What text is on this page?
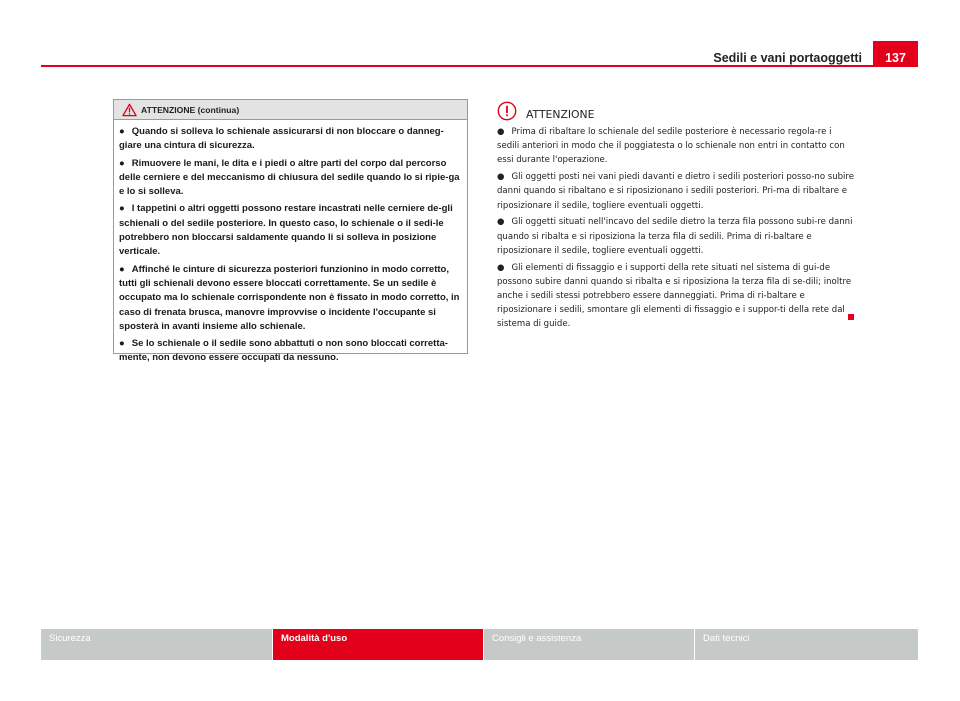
Sedili e vani portaoggetti	137
ATTENZIONE (continua)
● Quando si solleva lo schienale assicurarsi di non bloccare o danneg-giare una cintura di sicurezza.
● Rimuovere le mani, le dita e i piedi o altre parti del corpo dal percorso delle cerniere e del meccanismo di chiusura del sedile quando lo si ripie-ga e lo si solleva.
● I tappetini o altri oggetti possono restare incastrati nelle cerniere de-gli schienali o del sedile posteriore. In questo caso, lo schienale o il sedi-le potrebbero non bloccarsi saldamente quando li si solleva in posizione verticale.
● Affinché le cinture di sicurezza posteriori funzionino in modo corretto, tutti gli schienali devono essere bloccati correttamente. Se un sedile è occupato ma lo schienale corrispondente non è fissato in modo corretto, in caso di frenata brusca, manovre improvvise o incidente l'occupante si sposterà in avanti insieme allo schienale.
● Se lo schienale o il sedile sono abbattuti o non sono bloccati corretta-mente, non devono essere occupati da nessuno.
ATTENZIONE
● Prima di ribaltare lo schienale del sedile posteriore è necessario regola-re i sedili anteriori in modo che il poggiatesta o lo schienale non entri in contatto con essi durante l'operazione.
● Gli oggetti posti nei vani piedi davanti e dietro i sedili posteriori posso-no subire danni quando si ribaltano e si riposizionano i sedili posteriori. Pri-ma di ribaltare e riposizionare il sedile, togliere eventuali oggetti.
● Gli oggetti situati nell'incavo del sedile dietro la terza fila possono subi-re danni quando si ribalta e si riposiziona la terza fila di sedili. Prima di ri-baltare e riposizionare il sedile, togliere eventuali oggetti.
● Gli elementi di fissaggio e i supporti della rete situati nel sistema di gui-de possono subire danni quando si ribalta e si riposiziona la terza fila di se-dili; inoltre anche i sedili stessi potrebbero essere danneggiati. Prima di ri-baltare e riposizionare i sedili, smontare gli elementi di fissaggio e i suppor-ti della rete dal sistema di guide.
Sicurezza	Modalità d'uso	Consigli e assistenza	Dati tecnici
